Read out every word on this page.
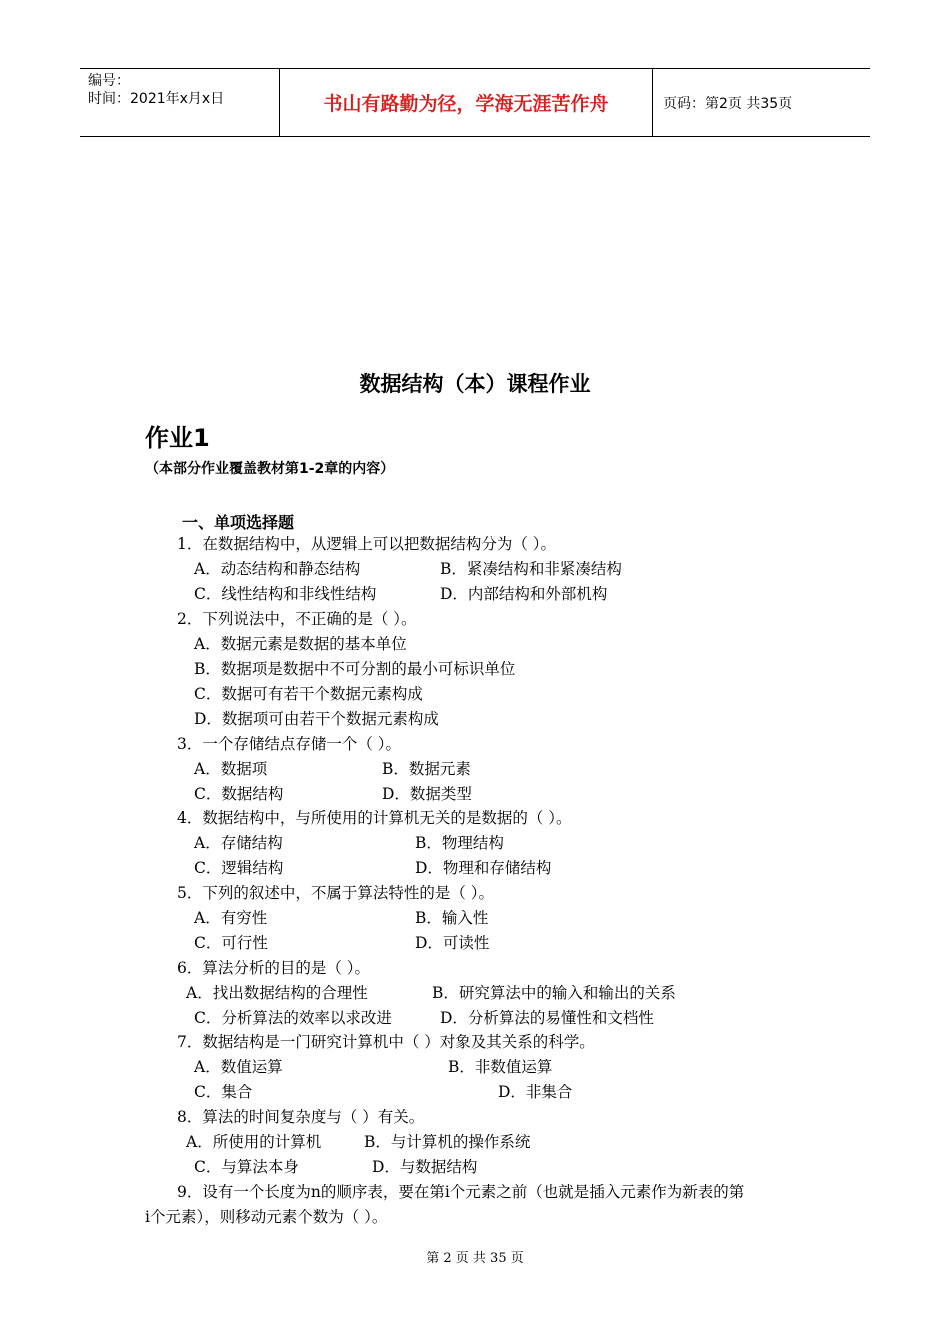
编号：
时间：2021年x月x日	书山有路勤为径，学海无涯苦作舟	页码：第2页 共35页
数据结构（本）课程作业
作业1
（本部分作业覆盖教材第1-2章的内容）
一、单项选择题
1．在数据结构中，从逻辑上可以把数据结构分为（ ）。
A．动态结构和静态结构	B．紧凑结构和非紧凑结构
C．线性结构和非线性结构	D．内部结构和外部机构
2．下列说法中，不正确的是（ ）。
A．数据元素是数据的基本单位
B．数据项是数据中不可分割的最小可标识单位
C．数据可有若干个数据元素构成
D．数据项可由若干个数据元素构成
3．一个存储结点存储一个（ ）。
A．数据项	B．数据元素
C．数据结构	D．数据类型
4．数据结构中，与所使用的计算机无关的是数据的（ ）。
A．存储结构	B．物理结构
C．逻辑结构	D．物理和存储结构
5．下列的叙述中，不属于算法特性的是（ ）。
A．有穷性	B．输入性
C．可行性	D．可读性
6．算法分析的目的是（ ）。
A．找出数据结构的合理性	B．研究算法中的输入和输出的关系
C．分析算法的效率以求改进	D．分析算法的易懂性和文档性
7．数据结构是一门研究计算机中（ ）对象及其关系的科学。
A．数值运算	B．非数值运算
C．集合	D．非集合
8．算法的时间复杂度与（ ）有关。
A．所使用的计算机	B．与计算机的操作系统
C．与算法本身	D．与数据结构
9．设有一个长度为n的顺序表，要在第i个元素之前（也就是插入元素作为新表的第
i个元素），则移动元素个数为（ ）。
第 2 页 共 35 页
